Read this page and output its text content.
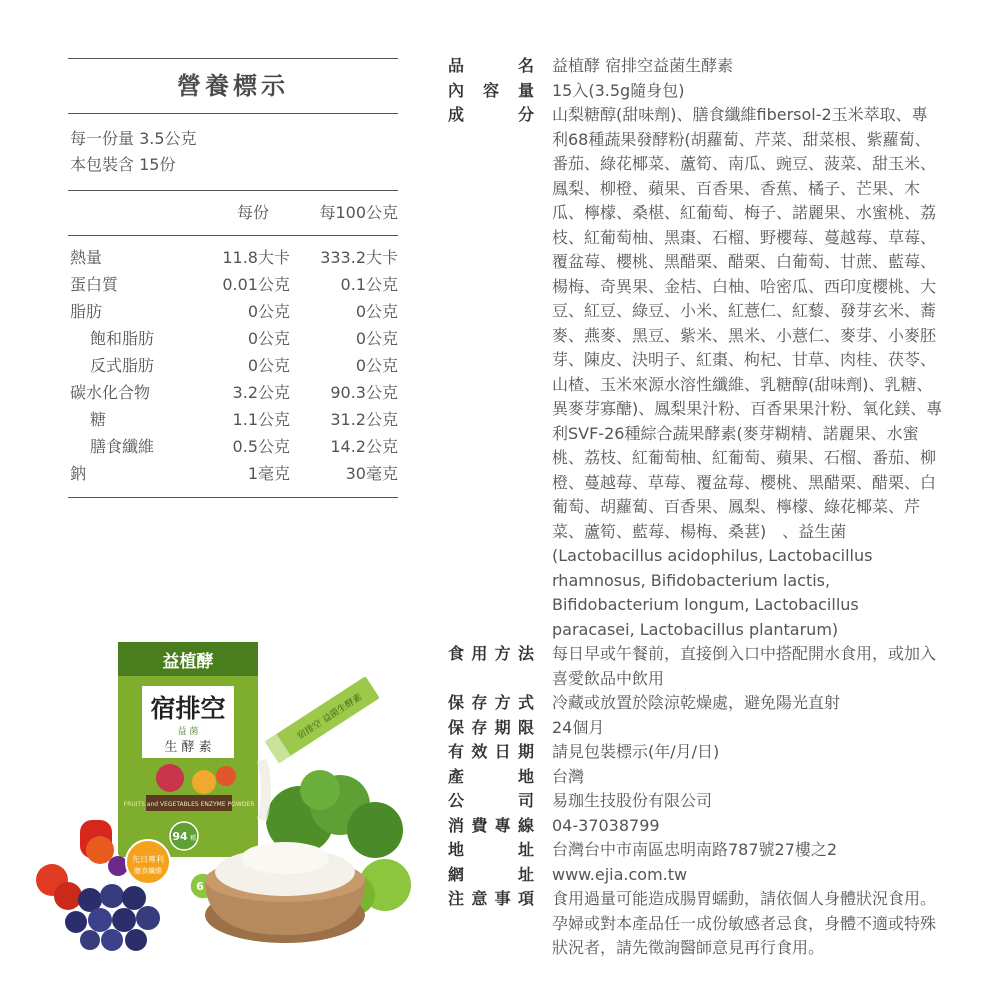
營養標示
每一份量 3.5公克
本包裝含 15份
每份	每100公克
熱量	11.8大卡	333.2大卡
蛋白質	0.01公克	0.1公克
脂肪	0公克	0公克
飽和脂肪	0公克	0公克
反式脂肪	0公克	0公克
碳水化合物	3.2公克	90.3公克
糖	1.1公克	31.2公克
膳食纖維	0.5公克	14.2公克
鈉	1毫克	30毫克
品	名	益植酵 宿排空益菌生酵素
內 容 量	15入(3.5g隨身包)
成	分	山梨糖醇(甜味劑)、膳食纖維fibersol-2玉米萃取、專利68種蔬果發酵粉(胡蘿蔔、芹菜、甜菜根、紫蘿蔔、番茄、綠花椰菜、蘆筍、南瓜、豌豆、菠菜、甜玉米、鳳梨、柳橙、蘋果、百香果、香蕉、橘子、芒果、木瓜、檸檬、桑椹、紅葡萄、梅子、諾麗果、水蜜桃、荔枝、紅葡萄柚、黑棗、石榴、野櫻莓、蔓越莓、草莓、覆盆莓、櫻桃、黑醋栗、醋栗、白葡萄、甘蔗、藍莓、楊梅、奇異果、金桔、白柚、哈密瓜、西印度櫻桃、大豆、紅豆、綠豆、小米、紅薏仁、紅藜、發芽玄米、蕎麥、燕麥、黑豆、紫米、黑米、小薏仁、麥芽、小麥胚芽、陳皮、決明子、紅棗、枸杞、甘草、肉桂、茯苓、山楂、玉米來源水溶性纖維、乳糖醇(甜味劑)、乳糖、異麥芽寡醣)、鳳梨果汁粉、百香果果汁粉、氧化鎂、專利SVF-26種綜合蔬果酵素(麥芽糊精、諾麗果、水蜜桃、荔枝、紅葡萄柚、紅葡萄、蘋果、石榴、番茄、柳橙、蔓越莓、草莓、覆盆莓、櫻桃、黑醋栗、醋栗、白葡萄、胡蘿蔔、百香果、鳳梨、檸檬、綠花椰菜、芹菜、蘆筍、藍莓、楊梅、桑葚)　、益生菌(Lactobacillus acidophilus, Lactobacillus rhamnosus, Bifidobacterium lactis, Bifidobacterium longum, Lactobacillus paracasei, Lactobacillus plantarum)
食 用 方 法	每日早或午餐前，直接倒入口中搭配開水食用，或加入喜愛飲品中飲用
保 存 方 式	冷藏或放置於陰涼乾燥處，避免陽光直射
保 存 期 限	24個月
有 效 日 期	請見包裝標示(年/月/日)
產	地	台灣
公	司	易珈生技股份有限公司
消 費 專 線	04-37038799
地	址	台灣台中市南區忠明南路787號27樓之2
網	址	www.ejia.com.tw
注 意 事 項	食用過量可能造成腸胃蠕動，請依個人身體狀況食用。孕婦或對本產品任一成份敏感者忌食，身體不適或特殊狀況者，請先徵詢醫師意見再行食用。
益植酵
宿排空
益 菌
生 酵 素
FRUITS and VEGETABLES ENZYME POWDER
94 種
宿排空 益菌生酵素
先日專利
膳食纖維
6
